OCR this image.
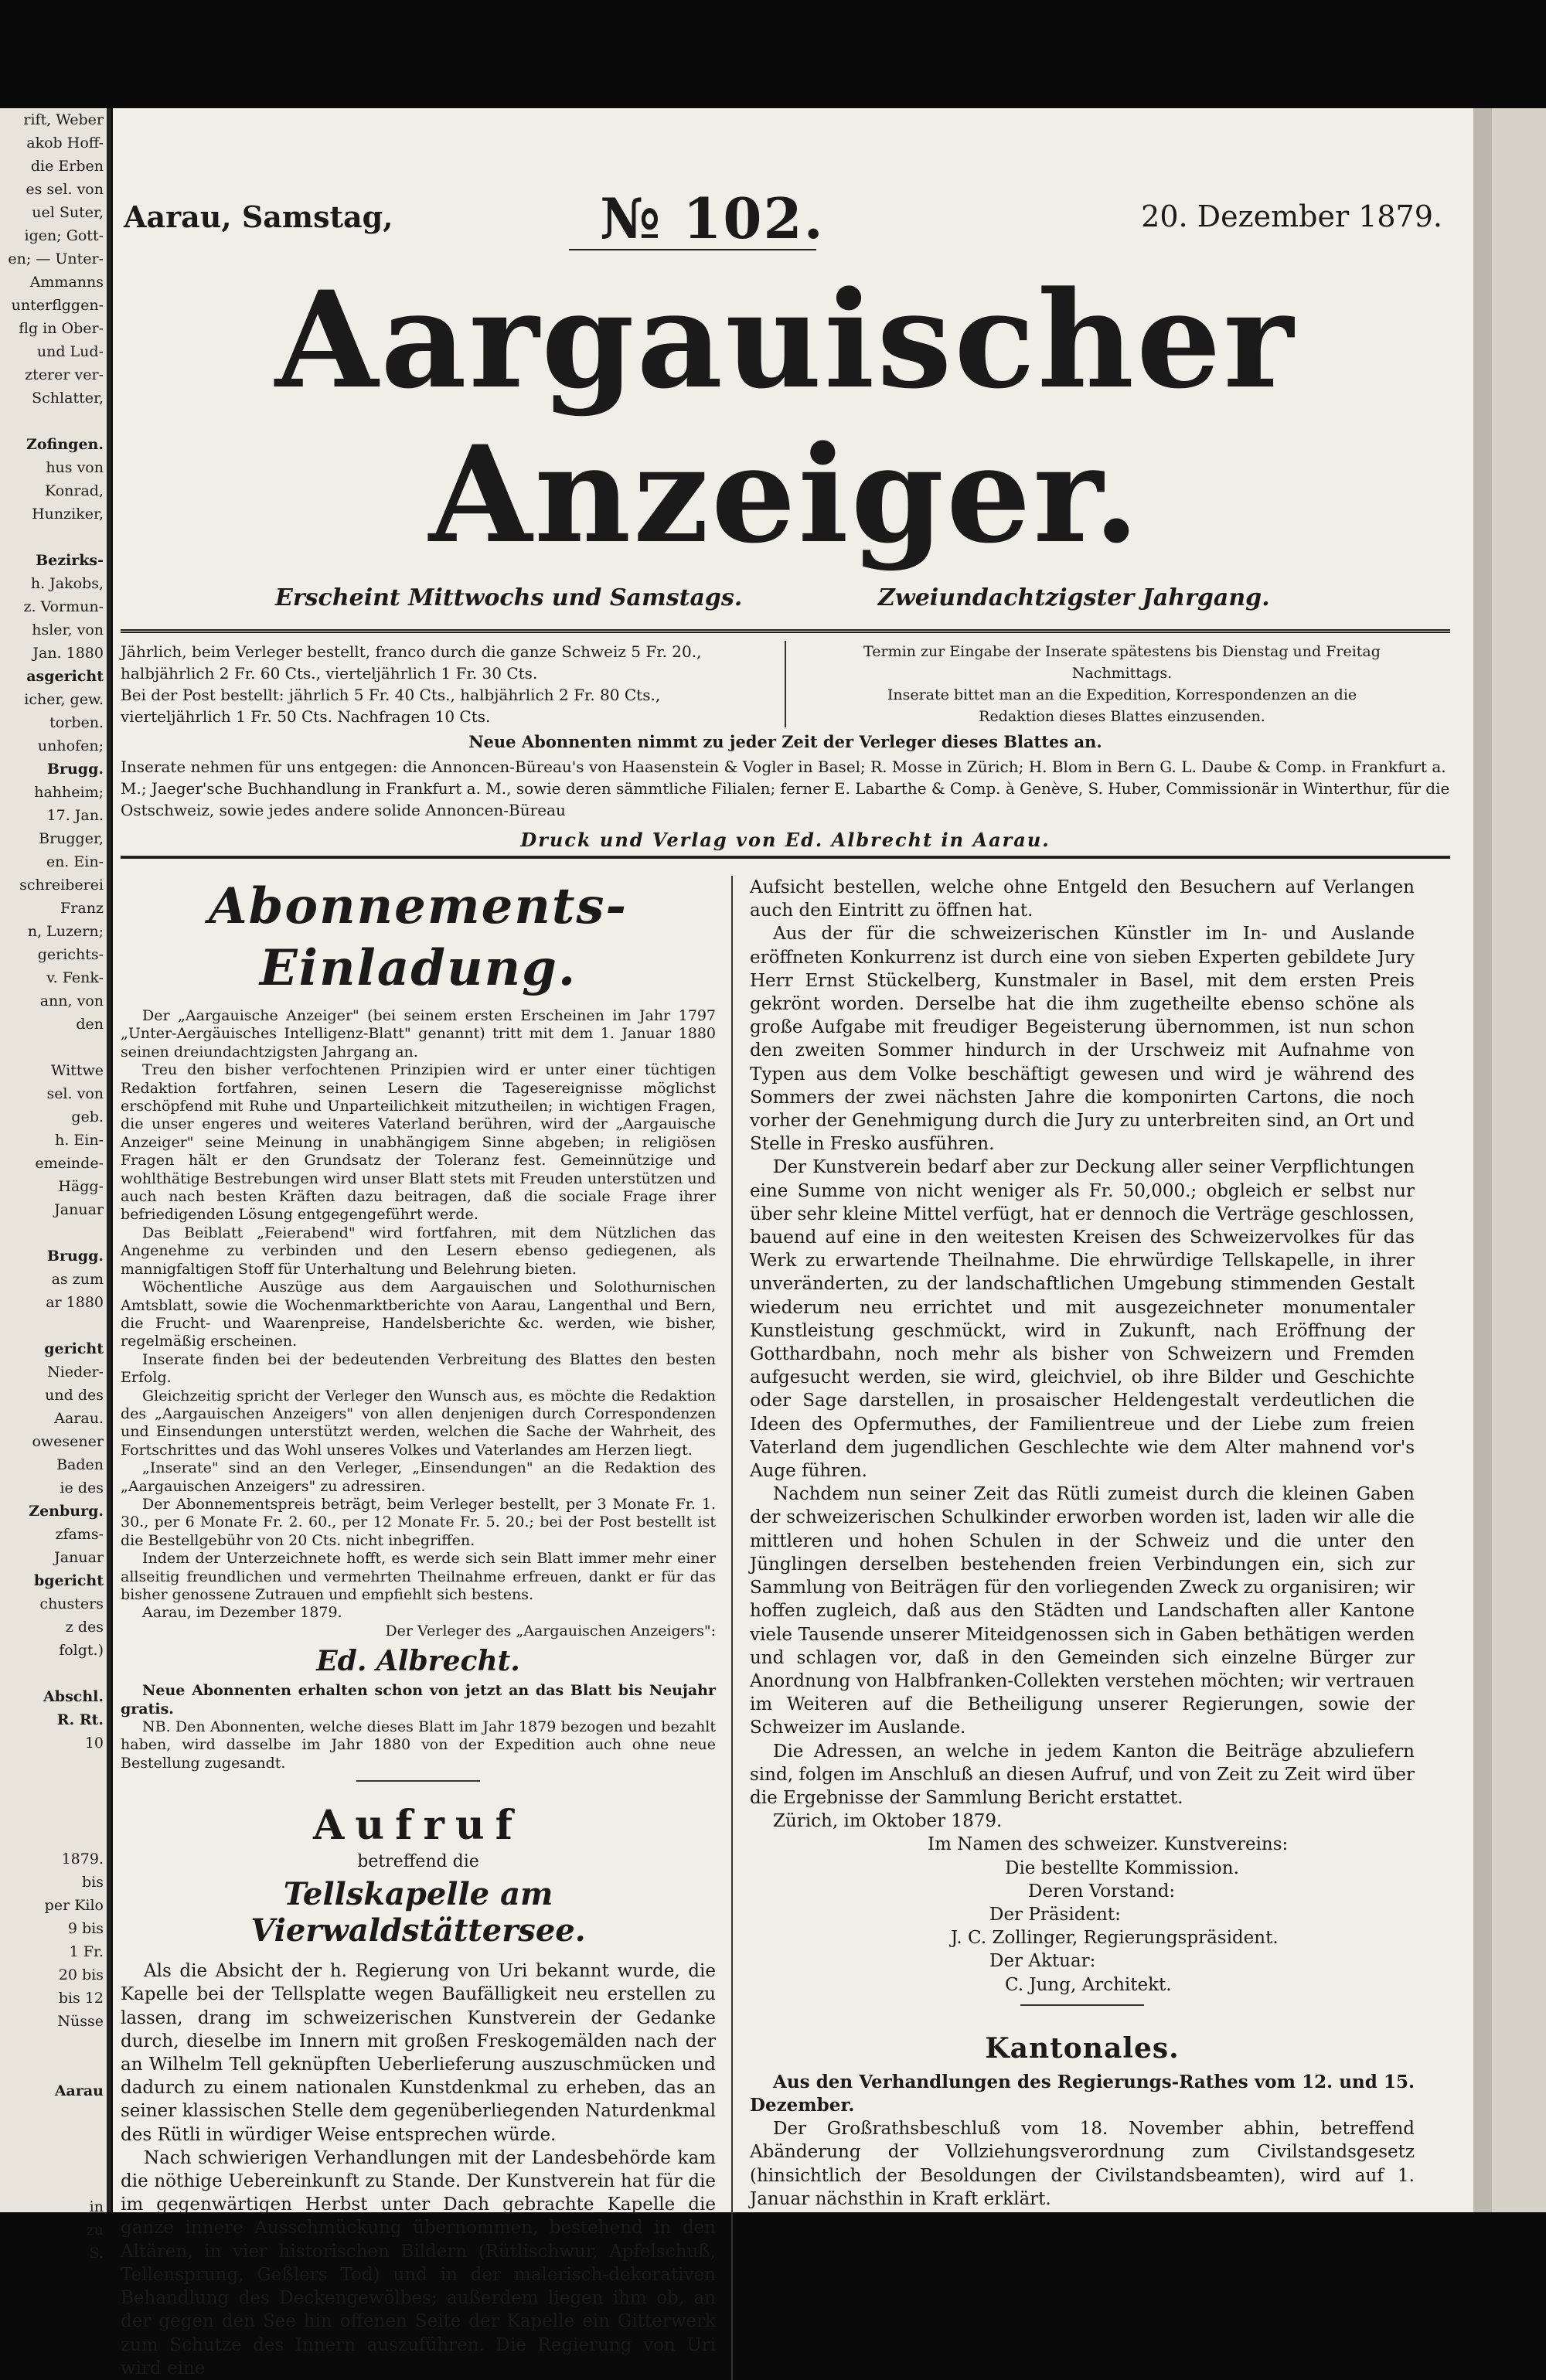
rift, Weber

akob Hoff-

die Erben

es sel. von

uel Suter,

igen; Gott-

en; — Unter-

Ammanns

unterflggen-

flg in Ober-

und Lud-

zterer ver-

Schlatter,

Zofingen.

hus von

Konrad,

Hunziker,

Bezirks-

h. Jakobs,

z. Vormun-

hsler, von

Jan. 1880

asgericht

icher, gew.

torben.

unhofen;

Brugg.

hahheim;

17. Jan.

Brugger,

en. Ein-

schreiberei

Franz

n, Luzern;

gerichts-

v. Fenk-

ann, von

den

Wittwe

sel. von

geb.

h. Ein-

emeinde-

Hägg-

Januar

Brugg.

as zum

ar 1880

gericht

Nieder-

und des

Aarau.

owesener

Baden

ie des

Zenburg.

zfams-

Januar

bgericht

chusters

z des

folgt.)

Abschl.

R. Rt.

10

1879.

bis

per Kilo

9 bis

1 Fr.

20 bis

bis 12

Nüsse

Aarau

in

zu

S.

Aarau, Samstag,	№ 102.	20. Dezember 1879.
Aargauischer Anzeiger.
Erscheint Mittwochs und Samstags.	Zweiundachtzigster Jahrgang.
Jährlich, beim Verleger bestellt, franco durch die ganze Schweiz 5 Fr. 20.,
halbjährlich 2 Fr. 60 Cts., vierteljährlich 1 Fr. 30 Cts.
Bei der Post bestellt: jährlich 5 Fr. 40 Cts., halbjährlich 2 Fr. 80 Cts.,
vierteljährlich 1 Fr. 50 Cts. Nachfragen 10 Cts.
Termin zur Eingabe der Inserate spätestens bis Dienstag und Freitag
Nachmittags.
Inserate bittet man an die Expedition, Korrespondenzen an die
Redaktion dieses Blattes einzusenden.
Neue Abonnenten nimmt zu jeder Zeit der Verleger dieses Blattes an.
Inserate nehmen für uns entgegen: die Annoncen-Büreau's von Haasenstein & Vogler in Basel; R. Mosse in Zürich; H. Blom in Bern G. L. Daube & Comp. in Frankfurt a. M.; Jaeger'sche Buchhandlung in Frankfurt a. M., sowie deren sämmtliche Filialen; ferner E. Labarthe & Comp. à Genève, S. Huber, Commissionär in Winterthur, für die Ostschweiz, sowie jedes andere solide Annoncen-Büreau
Druck und Verlag von Ed. Albrecht in Aarau.
Abonnements-Einladung.

Der „Aargauische Anzeiger" (bei seinem ersten Erscheinen im Jahr 1797 „Unter-Aergäuisches Intelligenz-Blatt" genannt) tritt mit dem 1. Januar 1880 seinen dreiundachtzigsten Jahrgang an.

Treu den bisher verfochtenen Prinzipien wird er unter einer tüchtigen Redaktion fortfahren, seinen Lesern die Tagesereignisse möglichst erschöpfend mit Ruhe und Unparteilichkeit mitzutheilen; in wichtigen Fragen, die unser engeres und weiteres Vaterland berühren, wird der „Aargauische Anzeiger" seine Meinung in unabhängigem Sinne abgeben; in religiösen Fragen hält er den Grundsatz der Toleranz fest. Gemeinnützige und wohlthätige Bestrebungen wird unser Blatt stets mit Freuden unterstützen und auch nach besten Kräften dazu beitragen, daß die sociale Frage ihrer befriedigenden Lösung entgegengeführt werde.

Das Beiblatt „Feierabend" wird fortfahren, mit dem Nützlichen das Angenehme zu verbinden und den Lesern ebenso gediegenen, als mannigfaltigen Stoff für Unterhaltung und Belehrung bieten.

Wöchentliche Auszüge aus dem Aargauischen und Solothurnischen Amtsblatt, sowie die Wochenmarktberichte von Aarau, Langenthal und Bern, die Frucht- und Waarenpreise, Handelsberichte &c. werden, wie bisher, regelmäßig erscheinen.

Inserate finden bei der bedeutenden Verbreitung des Blattes den besten Erfolg.

Gleichzeitig spricht der Verleger den Wunsch aus, es möchte die Redaktion des „Aargauischen Anzeigers" von allen denjenigen durch Correspondenzen und Einsendungen unterstützt werden, welchen die Sache der Wahrheit, des Fortschrittes und das Wohl unseres Volkes und Vaterlandes am Herzen liegt.

„Inserate" sind an den Verleger, „Einsendungen" an die Redaktion des „Aargauischen Anzeigers" zu adressiren.

Der Abonnementspreis beträgt, beim Verleger bestellt, per 3 Monate Fr. 1. 30., per 6 Monate Fr. 2. 60., per 12 Monate Fr. 5. 20.; bei der Post bestellt ist die Bestellgebühr von 20 Cts. nicht inbegriffen.

Indem der Unterzeichnete hofft, es werde sich sein Blatt immer mehr einer allseitig freundlichen und vermehrten Theilnahme erfreuen, dankt er für das bisher genossene Zutrauen und empfiehlt sich bestens.

Aarau, im Dezember 1879.

Der Verleger des „Aargauischen Anzeigers":

Ed. Albrecht.

Neue Abonnenten erhalten schon von jetzt an das Blatt bis Neujahr gratis.

NB. Den Abonnenten, welche dieses Blatt im Jahr 1879 bezogen und bezahlt haben, wird dasselbe im Jahr 1880 von der Expedition auch ohne neue Bestellung zugesandt.

Aufruf
betreffend die
Tellskapelle am Vierwaldstättersee.

Als die Absicht der h. Regierung von Uri bekannt wurde, die Kapelle bei der Tellsplatte wegen Baufälligkeit neu erstellen zu lassen, drang im schweizerischen Kunstverein der Gedanke durch, dieselbe im Innern mit großen Freskogemälden nach der an Wilhelm Tell geknüpften Ueberlieferung auszuschmücken und dadurch zu einem nationalen Kunstdenkmal zu erheben, das an seiner klassischen Stelle dem gegenüberliegenden Naturdenkmal des Rütli in würdiger Weise entsprechen würde.

Nach schwierigen Verhandlungen mit der Landesbehörde kam die nöthige Uebereinkunft zu Stande. Der Kunstverein hat für die im gegenwärtigen Herbst unter Dach gebrachte Kapelle die ganze innere Ausschmückung übernommen, bestehend in den Altären, in vier historischen Bildern (Rütlischwur, Apfelschuß, Tellensprung, Geßlers Tod) und in der malerisch-dekorativen Behandlung des Deckengewölbes; außerdem liegen ihm ob, an der gegen den See hin offenen Seite der Kapelle ein Gitterwerk zum Schutze des Innern auszuführen. Die Regierung von Uri wird eine

Aufsicht bestellen, welche ohne Entgeld den Besuchern auf Verlangen auch den Eintritt zu öffnen hat.

Aus der für die schweizerischen Künstler im In- und Auslande eröffneten Konkurrenz ist durch eine von sieben Experten gebildete Jury Herr Ernst Stückelberg, Kunstmaler in Basel, mit dem ersten Preis gekrönt worden. Derselbe hat die ihm zugetheilte ebenso schöne als große Aufgabe mit freudiger Begeisterung übernommen, ist nun schon den zweiten Sommer hindurch in der Urschweiz mit Aufnahme von Typen aus dem Volke beschäftigt gewesen und wird je während des Sommers der zwei nächsten Jahre die komponirten Cartons, die noch vorher der Genehmigung durch die Jury zu unterbreiten sind, an Ort und Stelle in Fresko ausführen.

Der Kunstverein bedarf aber zur Deckung aller seiner Verpflichtungen eine Summe von nicht weniger als Fr. 50,000.; obgleich er selbst nur über sehr kleine Mittel verfügt, hat er dennoch die Verträge geschlossen, bauend auf eine in den weitesten Kreisen des Schweizervolkes für das Werk zu erwartende Theilnahme. Die ehrwürdige Tellskapelle, in ihrer unveränderten, zu der landschaftlichen Umgebung stimmenden Gestalt wiederum neu errichtet und mit ausgezeichneter monumentaler Kunstleistung geschmückt, wird in Zukunft, nach Eröffnung der Gotthardbahn, noch mehr als bisher von Schweizern und Fremden aufgesucht werden, sie wird, gleichviel, ob ihre Bilder und Geschichte oder Sage darstellen, in prosaischer Heldengestalt verdeutlichen die Ideen des Opfermuthes, der Familientreue und der Liebe zum freien Vaterland dem jugendlichen Geschlechte wie dem Alter mahnend vor's Auge führen.

Nachdem nun seiner Zeit das Rütli zumeist durch die kleinen Gaben der schweizerischen Schulkinder erworben worden ist, laden wir alle die mittleren und hohen Schulen in der Schweiz und die unter den Jünglingen derselben bestehenden freien Verbindungen ein, sich zur Sammlung von Beiträgen für den vorliegenden Zweck zu organisiren; wir hoffen zugleich, daß aus den Städten und Landschaften aller Kantone viele Tausende unserer Miteidgenossen sich in Gaben bethätigen werden und schlagen vor, daß in den Gemeinden sich einzelne Bürger zur Anordnung von Halbfranken-Collekten verstehen möchten; wir vertrauen im Weiteren auf die Betheiligung unserer Regierungen, sowie der Schweizer im Auslande.

Die Adressen, an welche in jedem Kanton die Beiträge abzuliefern sind, folgen im Anschluß an diesen Aufruf, und von Zeit zu Zeit wird über die Ergebnisse der Sammlung Bericht erstattet.

Zürich, im Oktober 1879.

Im Namen des schweizer. Kunstvereins:

Die bestellte Kommission.

Deren Vorstand:

Der Präsident:

J. C. Zollinger, Regierungspräsident.

Der Aktuar:

C. Jung, Architekt.

Kantonales.

Aus den Verhandlungen des Regierungs-Rathes vom 12. und 15. Dezember.

Der Großrathsbeschluß vom 18. November abhin, betreffend Abänderung der Vollziehungsverordnung zum Civilstandsgesetz (hinsichtlich der Besoldungen der Civilstandsbeamten), wird auf 1. Januar nächsthin in Kraft erklärt.
